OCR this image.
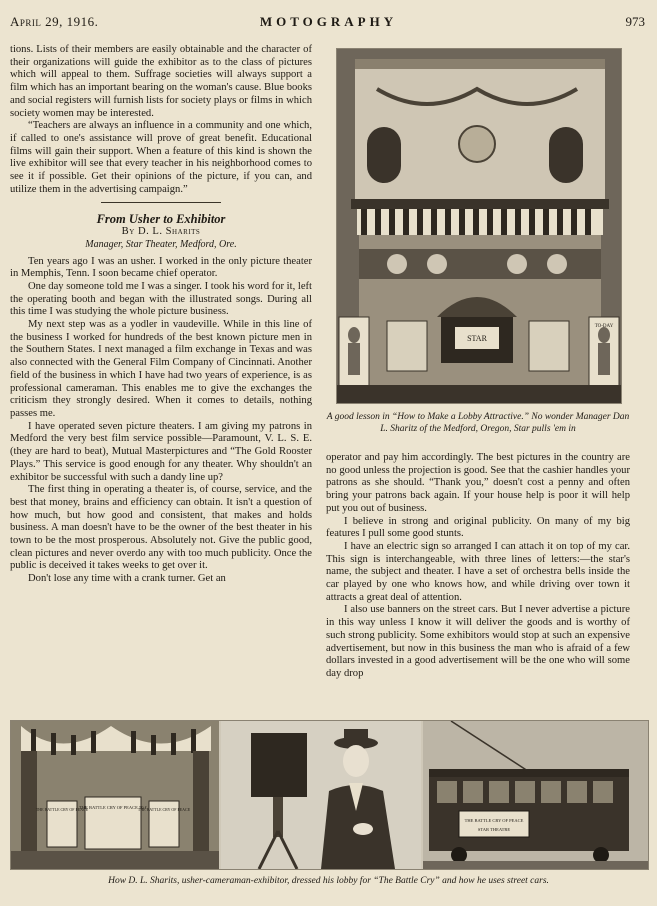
April 29, 1916.	MOTOGRAPHY	973

tions. Lists of their members are easily obtainable and the character of their organizations will guide the exhibitor as to the class of pictures which will appeal to them. Suffrage societies will always support a film which has an important bearing on the woman's cause. Blue books and social registers will furnish lists for society plays or films in which society women may be interested.

“Teachers are always an influence in a community and one which, if called to one's assistance will prove of great benefit. Educational films will gain their support. When a feature of this kind is shown the live exhibitor will see that every teacher in his neighborhood comes to see it if possible. Get their opinions of the picture, if you can, and utilize them in the advertising campaign.”

From Usher to Exhibitor
By D. L. Sharits
Manager, Star Theater, Medford, Ore.

Ten years ago I was an usher. I worked in the only picture theater in Memphis, Tenn. I soon became chief operator.

One day someone told me I was a singer. I took his word for it, left the operating booth and began with the illustrated songs. During all this time I was studying the whole picture business.

My next step was as a yodler in vaudeville. While in this line of the business I worked for hundreds of the best known picture men in the Southern States. I next managed a film exchange in Texas and was also connected with the General Film Company of Cincinnati. Another field of the business in which I have had two years of experience, is as professional cameraman. This enables me to give the exchanges the criticism they strongly desired. When it comes to details, nothing passes me.

I have operated seven picture theaters. I am giving my patrons in Medford the very best film service possible—Paramount, V. L. S. E. (they are hard to beat), Mutual Masterpictures and “The Gold Rooster Plays.” This service is good enough for any theater. Why shouldn't an exhibitor be successful with such a dandy line up?

The first thing in operating a theater is, of course, service, and the best that money, brains and efficiency can obtain. It isn't a question of how much, but how good and consistent, that makes and holds business. A man doesn't have to be the owner of the best theater in his town to be the most prosperous. Absolutely not. Give the public good, clean pictures and never overdo any with too much publicity. Once the public is deceived it takes weeks to get over it.

Don't lose any time with a crank turner. Get an

STAR
TO-DAY
A good lesson in “How to Make a Lobby Attractive.” No wonder Manager Dan L. Sharitz of the Medford, Oregon, Star pulls 'em in

operator and pay him accordingly. The best pictures in the country are no good unless the projection is good. See that the cashier handles your patrons as she should. “Thank you,” doesn't cost a penny and often bring your patrons back again. If your house help is poor it will help put you out of business.

I believe in strong and original publicity. On many of my big features I pull some good stunts.

I have an electric sign so arranged I can attach it on top of my car. This sign is interchangeable, with three lines of letters:—the star's name, the subject and theater. I have a set of orchestra bells inside the car played by one who knows how, and while driving over town it attracts a great deal of attention.

I also use banners on the street cars. But I never advertise a picture in this way unless I know it will deliver the goods and is worthy of such strong publicity. Some exhibitors would stop at such an expensive advertisement, but now in this business the man who is afraid of a few dollars invested in a good advertisement will be the one who will some day drop

THE BATTLE CRY OF PEACE
THE BATTLE CRY OF PEACE 50 ¢
THE BATTLE CRY OF PEACE
THE BATTLE CRY OF PEACE
STAR THEATRE
How D. L. Sharits, usher-cameraman-exhibitor, dressed his lobby for “The Battle Cry” and how he uses street cars.
